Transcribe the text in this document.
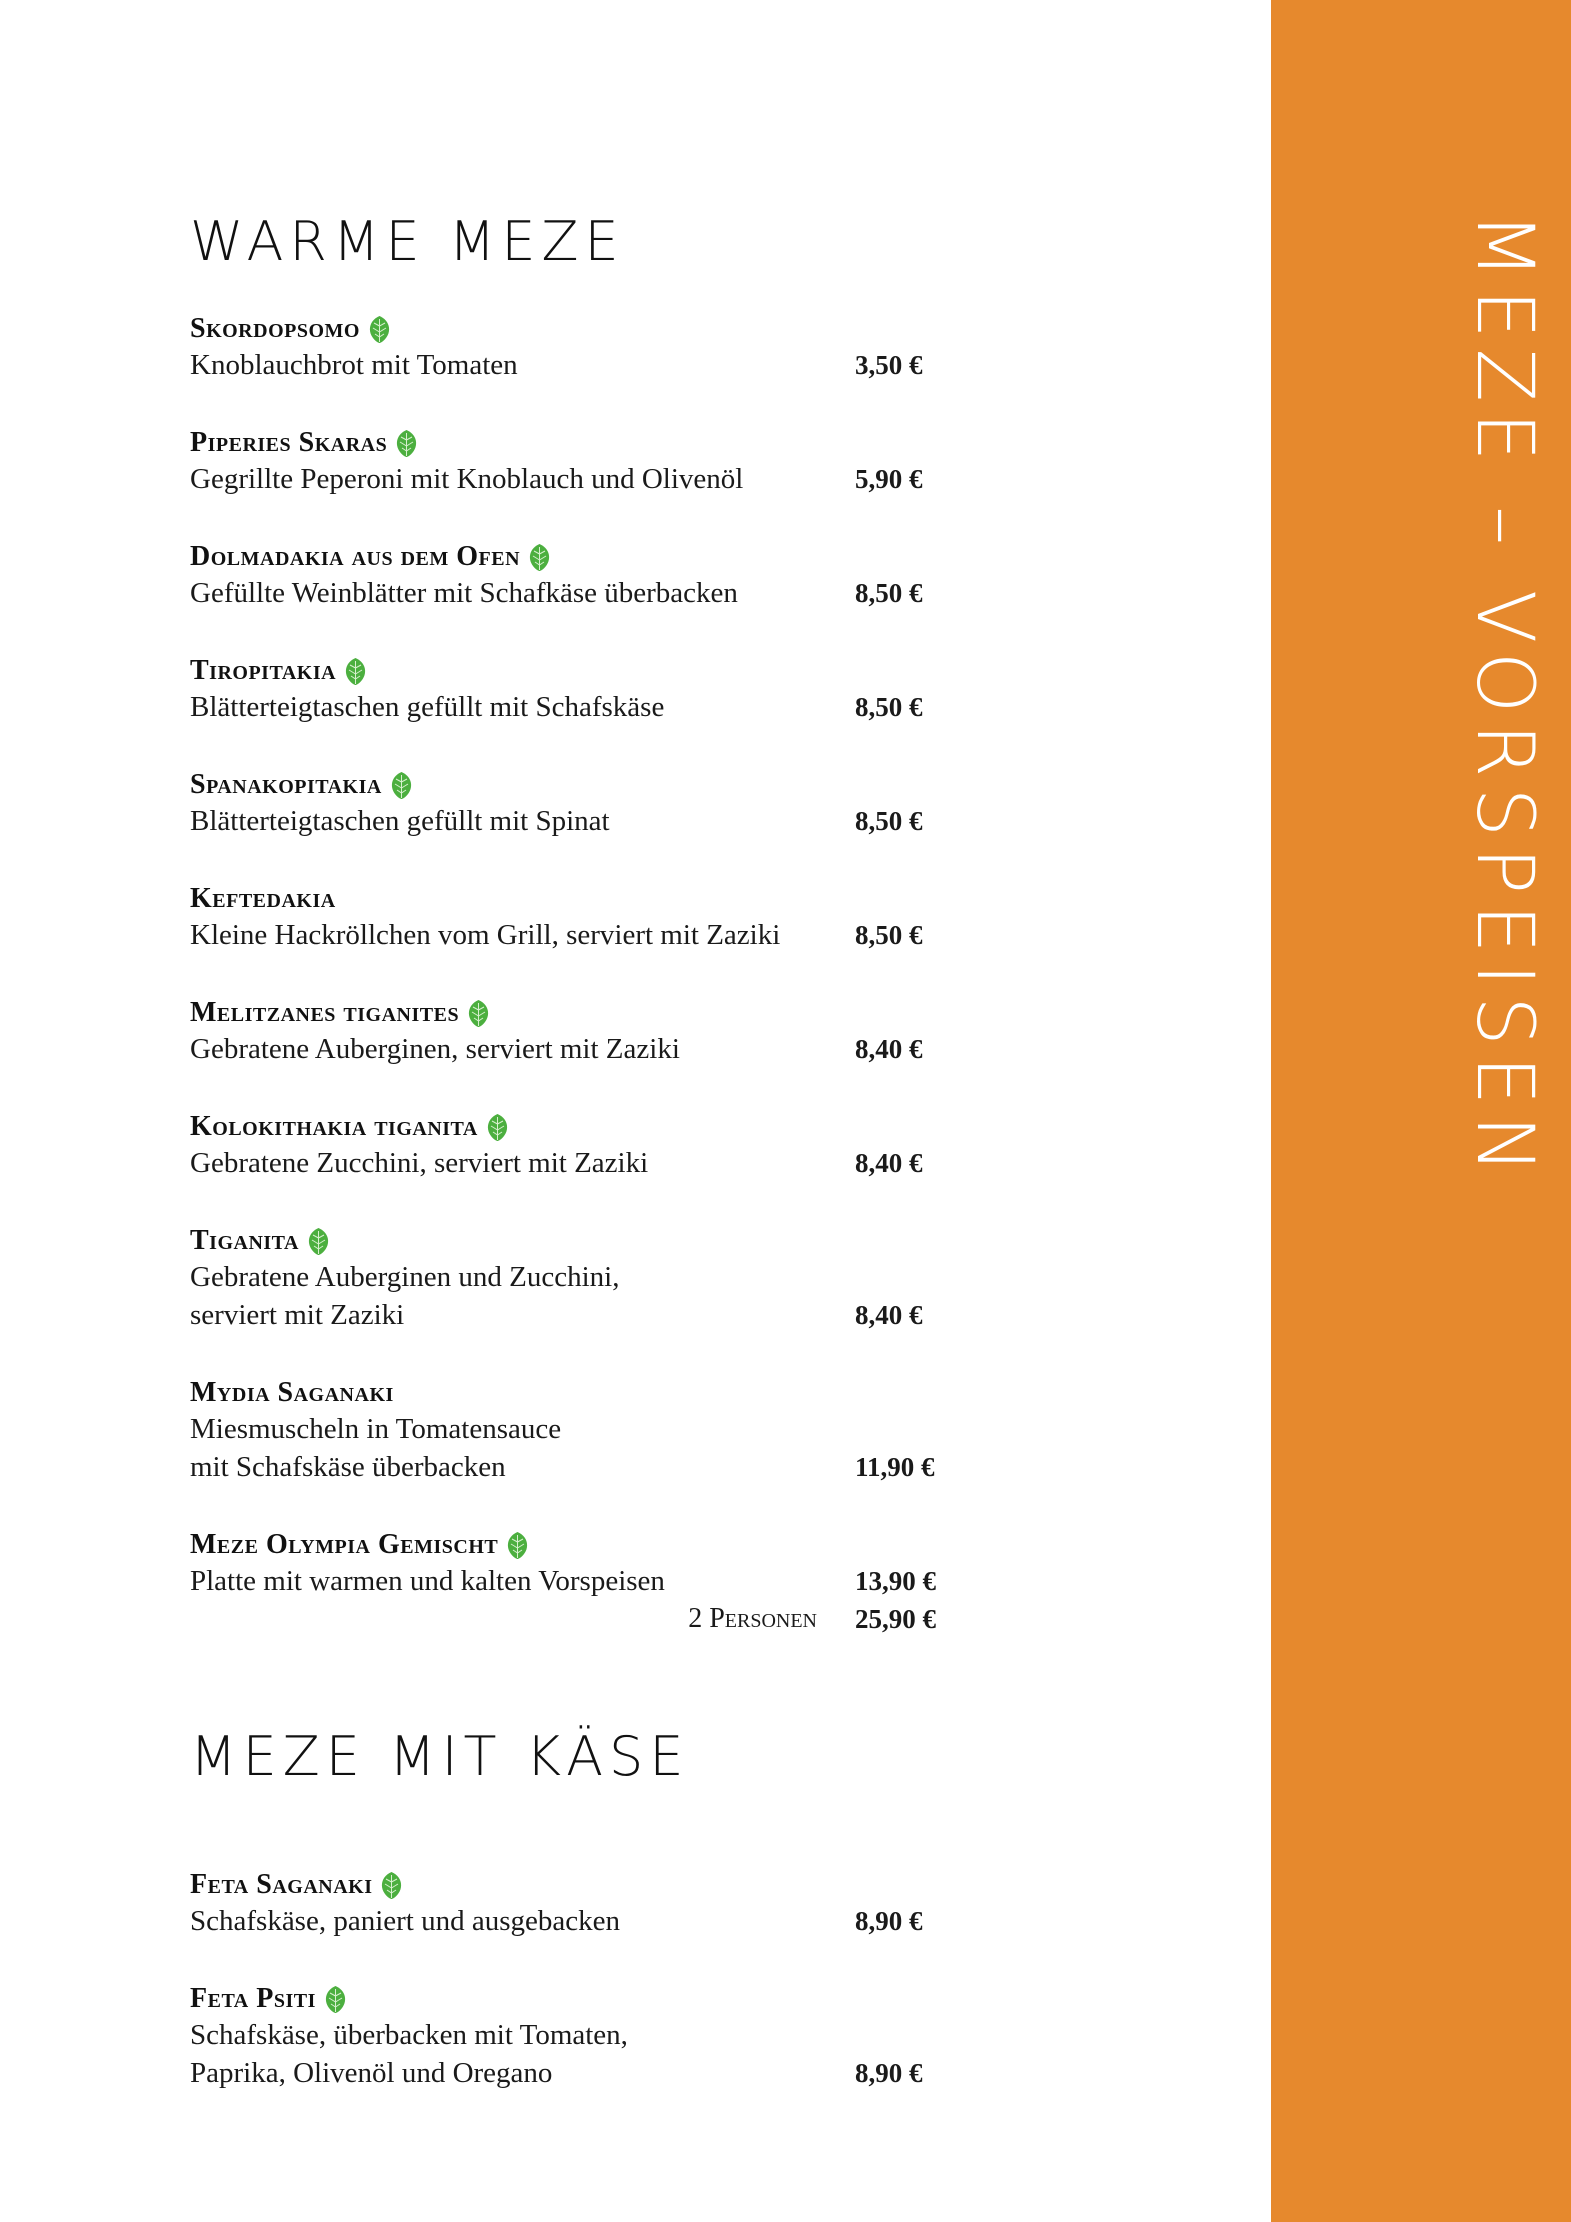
MEZE – VORSPEISEN
WARME MEZE
MEZE MIT KÄSE
Skordopsomo
Knoblauchbrot mit Tomaten	3,50 €
Piperies Skaras
Gegrillte Peperoni mit Knoblauch und Olivenöl	5,90 €
Dolmadakia aus dem Ofen
Gefüllte Weinblätter mit Schafkäse überbacken	8,50 €
Tiropitakia
Blätterteigtaschen gefüllt mit Schafskäse	8,50 €
Spanakopitakia
Blätterteigtaschen gefüllt mit Spinat	8,50 €
Keftedakia
Kleine Hackröllchen vom Grill, serviert mit Zaziki	8,50 €
Melitzanes tiganites
Gebratene Auberginen, serviert mit Zaziki	8,40 €
Kolokithakia tiganita
Gebratene Zucchini, serviert mit Zaziki	8,40 €
Tiganita
Gebratene Auberginen und Zucchini,
serviert mit Zaziki	8,40 €
Mydia Saganaki
Miesmuscheln in Tomatensauce
mit Schafskäse überbacken	11,90 €
Meze Olympia Gemischt
Platte mit warmen und kalten Vorspeisen	13,90 €
2 Personen	25,90 €
Feta Saganaki
Schafskäse, paniert und ausgebacken	8,90 €
Feta Psiti
Schafskäse, überbacken mit Tomaten,
Paprika, Olivenöl und Oregano	8,90 €
